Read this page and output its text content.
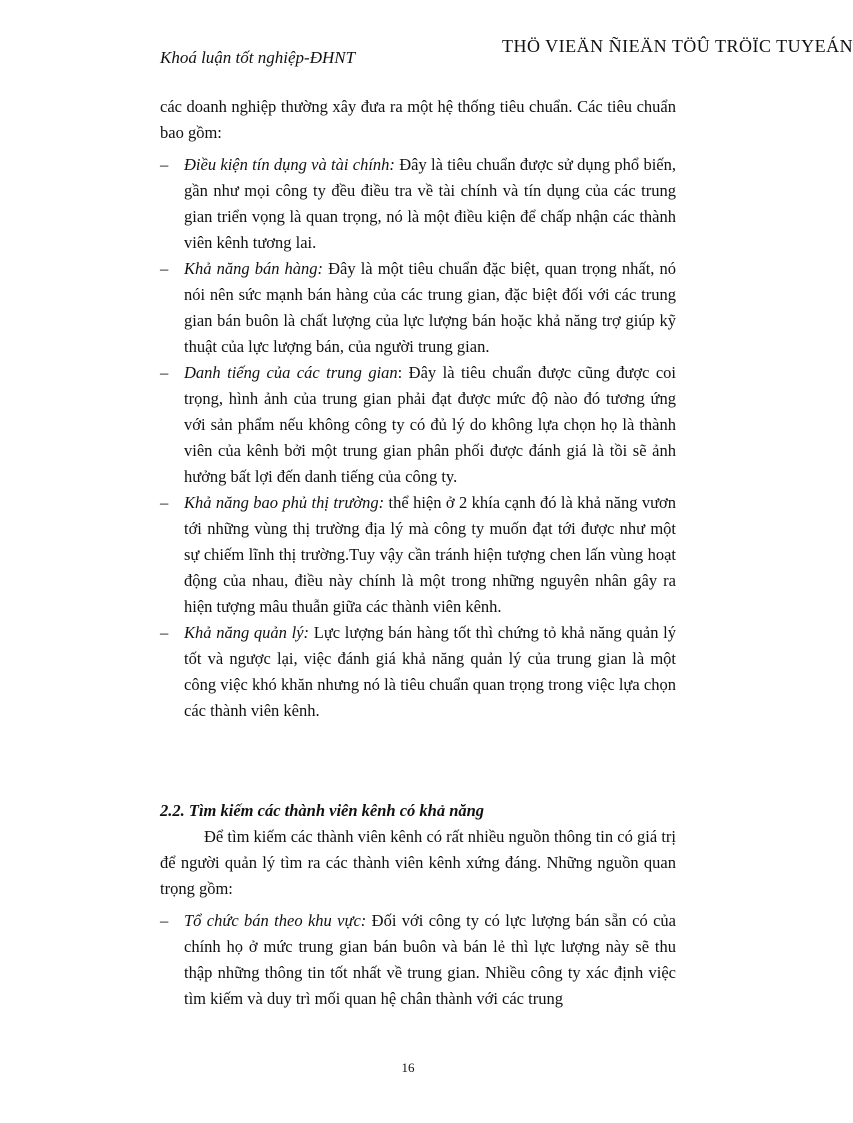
Khoá luận tốt nghiệp-ĐHNT
THÖ VIEÄN ÑIEÄN TÖÛ TRÖÏC TUYEÁN

các doanh nghiệp thường xây đưa ra một hệ thống tiêu chuẩn. Các tiêu chuẩn bao gồm:

– Điều kiện tín dụng và tài chính: Đây là tiêu chuẩn được sử dụng phổ biến, gần như mọi công ty đều điều tra về tài chính và tín dụng của các trung gian triển vọng là quan trọng, nó là một điều kiện để chấp nhận các thành viên kênh tương lai.
– Khả năng bán hàng: Đây là một tiêu chuẩn đặc biệt, quan trọng nhất, nó nói nên sức mạnh bán hàng của các trung gian, đặc biệt đối với các trung gian bán buôn là chất lượng của lực lượng bán hoặc khả năng trợ giúp kỹ thuật của lực lượng bán, của người trung gian.
– Danh tiếng của các trung gian: Đây là tiêu chuẩn được cũng được coi trọng, hình ảnh của trung gian phải đạt được mức độ nào đó tương ứng với sản phẩm nếu không công ty có đủ lý do không lựa chọn họ là thành viên của kênh bởi một trung gian phân phối được đánh giá là tồi sẽ ảnh hưởng bất lợi đến danh tiếng của công ty.
– Khả năng bao phủ thị trường: thể hiện ở 2 khía cạnh đó là khả năng vươn tới những vùng thị trường địa lý mà công ty muốn đạt tới được như một sự chiếm lĩnh thị trường.Tuy vậy cần tránh hiện tượng chen lấn vùng hoạt động của nhau, điều này chính là một trong những nguyên nhân gây ra hiện tượng mâu thuẫn giữa các thành viên kênh.
– Khả năng quản lý: Lực lượng bán hàng tốt thì chứng tỏ khả năng quản lý tốt và ngược lại, việc đánh giá khả năng quản lý của trung gian là một công việc khó khăn nhưng nó là tiêu chuẩn quan trọng trong việc lựa chọn các thành viên kênh.

2.2. Tìm kiếm các thành viên kênh có khả năng

Để tìm kiếm các thành viên kênh có rất nhiều nguồn thông tin có giá trị để người quản lý tìm ra các thành viên kênh xứng đáng. Những nguồn quan trọng gồm:

– Tổ chức bán theo khu vực: Đối với công ty có lực lượng bán sẵn có của chính họ ở mức trung gian bán buôn và bán lẻ thì lực lượng này sẽ thu thập những thông tin tốt nhất về trung gian. Nhiều công ty xác định việc tìm kiếm và duy trì mối quan hệ chân thành với các trung
16
